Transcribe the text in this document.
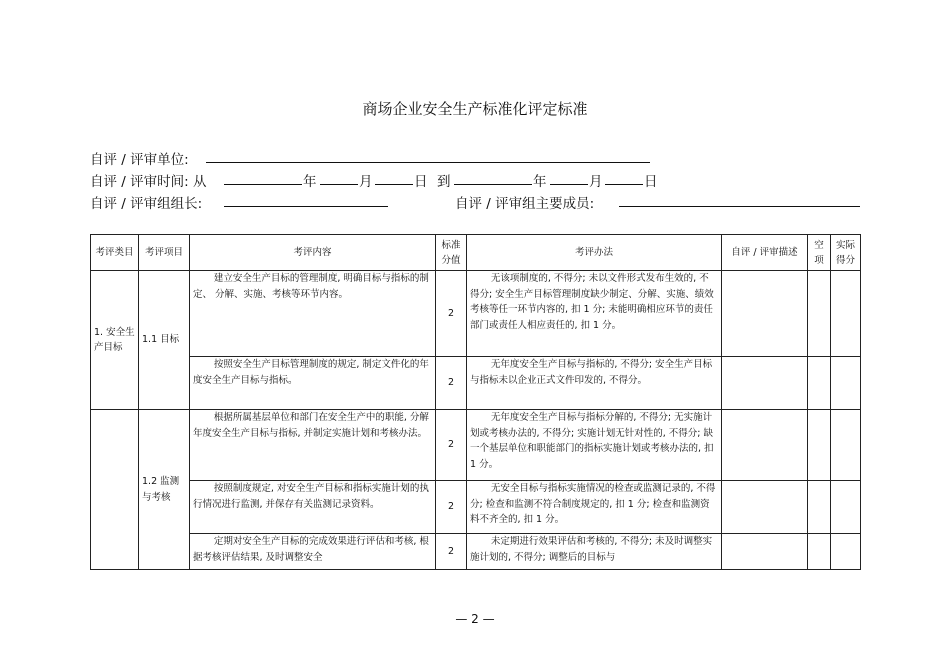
商场企业安全生产标准化评定标准
自评 / 评审单位:
自评 / 评审时间: 从	年	月	日 到	年	月	日
自评 / 评审组组长:	自评 / 评审组主要成员:
考评类目	考评项目	考评内容	标准分值	考评办法	自评 / 评审描述	空项	实际得分
1. 安全生产目标	1.1 目标	建立安全生产目标的管理制度, 明确目标与指标的制定、 分解、实施、考核等环节内容。	2	无该项制度的, 不得分; 未以文件形式发布生效的, 不得分; 安全生产目标管理制度缺少制定、分解、实施、绩效考核等任一环节内容的, 扣 1 分; 未能明确相应环节的责任部门或责任人相应责任的, 扣 1 分。			
		按照安全生产目标管理制度的规定, 制定文件化的年度安全生产目标与指标。	2	无年度安全生产目标与指标的, 不得分; 安全生产目标与指标未以企业正式文件印发的, 不得分。			
	1.2 监测与考核	根据所属基层单位和部门在安全生产中的职能, 分解年度安全生产目标与指标, 并制定实施计划和考核办法。	2	无年度安全生产目标与指标分解的, 不得分; 无实施计划或考核办法的, 不得分; 实施计划无针对性的, 不得分; 缺一个基层单位和职能部门的指标实施计划或考核办法的, 扣 1 分。			
		按照制度规定, 对安全生产目标和指标实施计划的执行情况进行监测, 并保存有关监测记录资料。	2	无安全目标与指标实施情况的检查或监测记录的, 不得分; 检查和监测不符合制度规定的, 扣 1 分; 检查和监测资料不齐全的, 扣 1 分。			
		定期对安全生产目标的完成效果进行评估和考核, 根据考核评估结果, 及时调整安全	2	未定期进行效果评估和考核的, 不得分; 未及时调整实施计划的, 不得分; 调整后的目标与			
— 2 —
